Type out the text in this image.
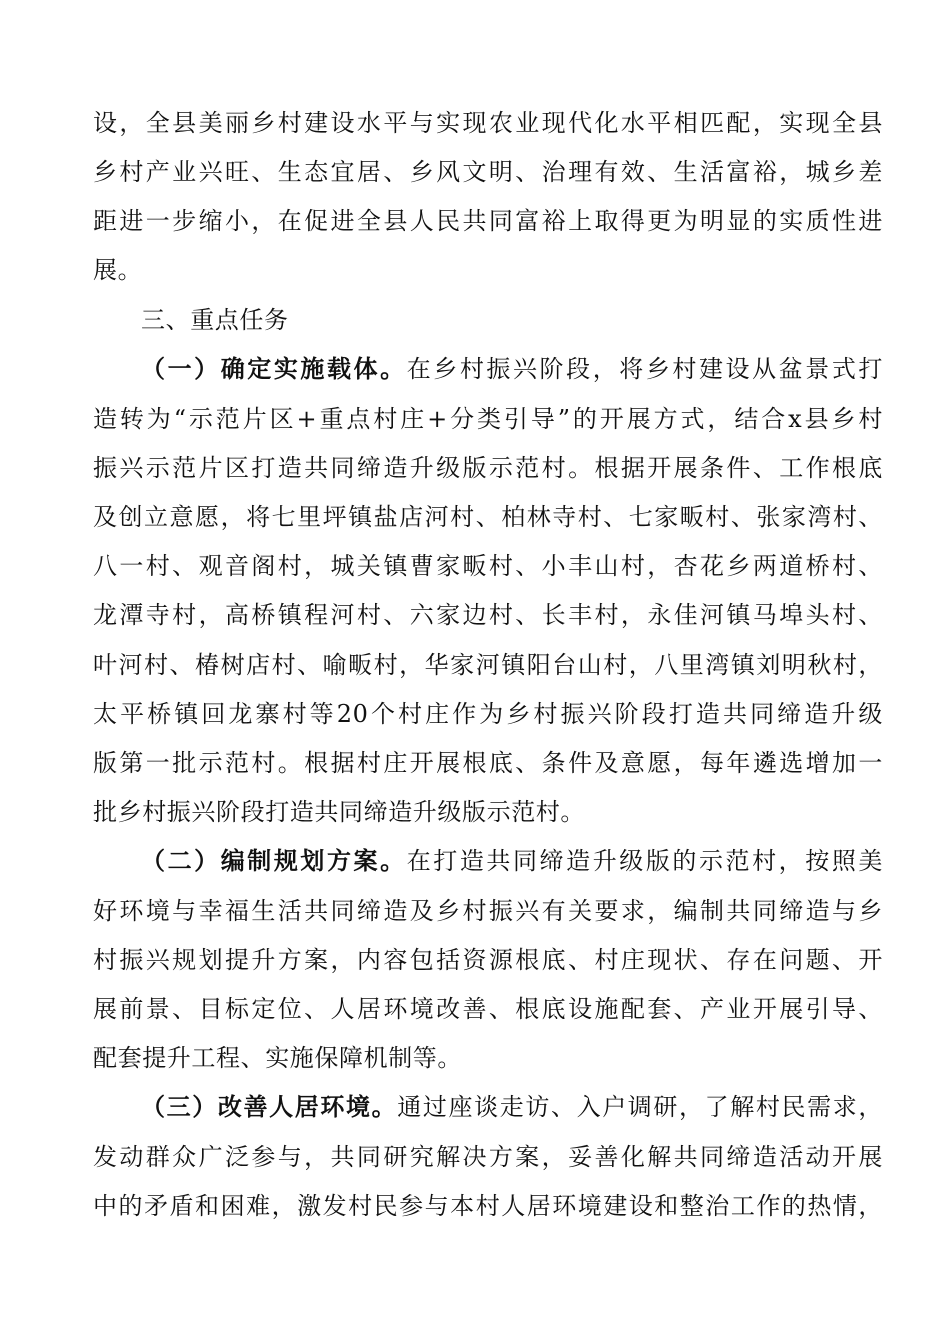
设，全县美丽乡村建设水平与实现农业现代化水平相匹配，实现全县
乡村产业兴旺、生态宜居、乡风文明、治理有效、生活富裕，城乡差
距进一步缩小，在促进全县人民共同富裕上取得更为明显的实质性进
展。
三、重点任务
（一）确定实施载体。在乡村振兴阶段，将乡村建设从盆景式打
造转为“示范片区+重点村庄+分类引导”的开展方式，结合x县乡村
振兴示范片区打造共同缔造升级版示范村。根据开展条件、工作根底
及创立意愿，将七里坪镇盐店河村、柏林寺村、七家畈村、张家湾村、
八一村、观音阁村，城关镇曹家畈村、小丰山村，杏花乡两道桥村、
龙潭寺村，高桥镇程河村、六家边村、长丰村，永佳河镇马埠头村、
叶河村、椿树店村、喻畈村，华家河镇阳台山村，八里湾镇刘明秋村，
太平桥镇回龙寨村等20个村庄作为乡村振兴阶段打造共同缔造升级
版第一批示范村。根据村庄开展根底、条件及意愿，每年遴选增加一
批乡村振兴阶段打造共同缔造升级版示范村。
（二）编制规划方案。在打造共同缔造升级版的示范村，按照美
好环境与幸福生活共同缔造及乡村振兴有关要求，编制共同缔造与乡
村振兴规划提升方案，内容包括资源根底、村庄现状、存在问题、开
展前景、目标定位、人居环境改善、根底设施配套、产业开展引导、
配套提升工程、实施保障机制等。
（三）改善人居环境。通过座谈走访、入户调研，了解村民需求，
发动群众广泛参与，共同研究解决方案，妥善化解共同缔造活动开展
中的矛盾和困难，激发村民参与本村人居环境建设和整治工作的热情，
